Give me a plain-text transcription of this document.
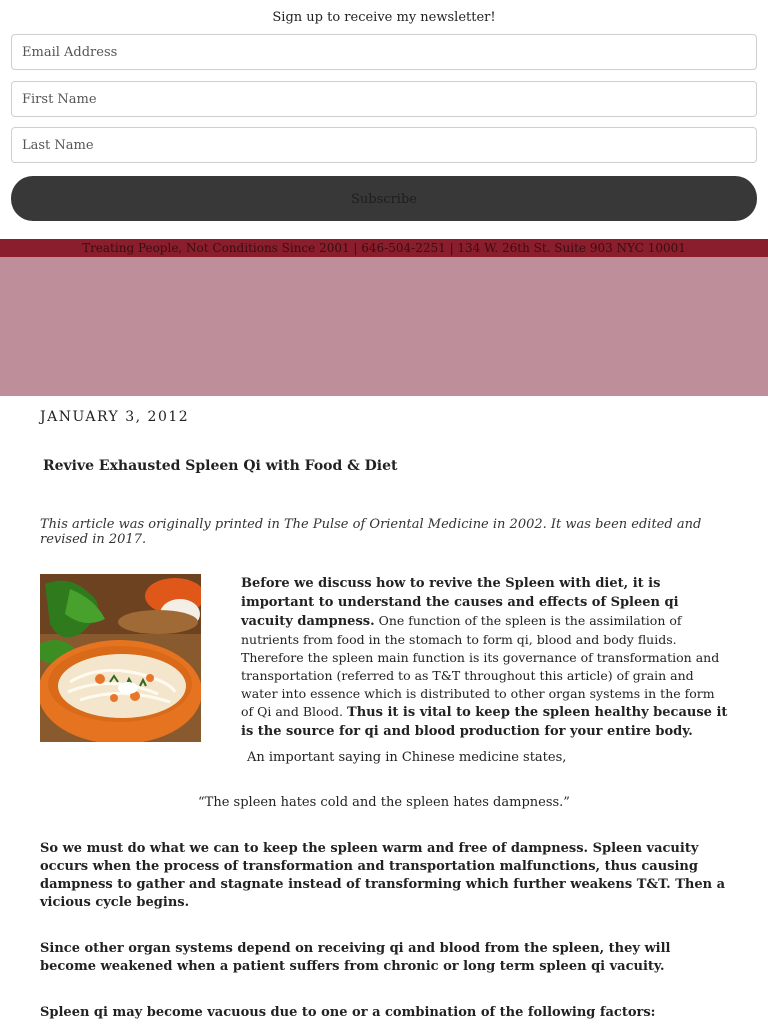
Sign up to receive my newsletter!
Email Address
First Name
Last Name
Subscribe
Treating People, Not Conditions Since 2001 | 646-504-2251 | 134 W. 26th St. Suite 903 NYC 10001
JANUARY 3, 2012
Revive Exhausted Spleen Qi with Food & Diet
This article was originally printed in The Pulse of Oriental Medicine in 2002. It was been edited and revised in 2017.
Before we discuss how to revive the Spleen with diet, it is important to understand the causes and effects of Spleen qi vacuity dampness. One function of the spleen is the assimilation of nutrients from food in the stomach to form qi, blood and body fluids. Therefore the spleen main function is its governance of transformation and transportation (referred to as T&T throughout this article) of grain and water into essence which is distributed to other organ systems in the form of Qi and Blood. Thus it is vital to keep the spleen healthy because it is the source for qi and blood production for your entire body.
An important saying in Chinese medicine states,
“The spleen hates cold and the spleen hates dampness.”
So we must do what we can to keep the spleen warm and free of dampness. Spleen vacuity occurs when the process of transformation and transportation malfunctions, thus causing dampness to gather and stagnate instead of transforming which further weakens T&T. Then a vicious cycle begins.
Since other organ systems depend on receiving qi and blood from the spleen, they will become weakened when a patient suffers from chronic or long term spleen qi vacuity.
Spleen qi may become vacuous due to one or a combination of the following factors:
